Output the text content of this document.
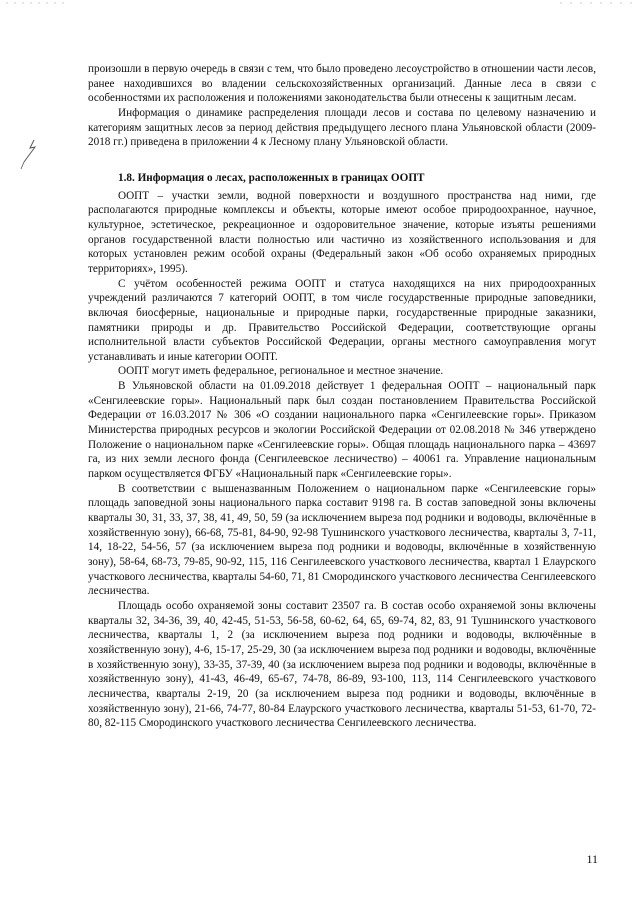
произошли в первую очередь в связи с тем, что было проведено лесоустройство в отношении части лесов, ранее находившихся во владении сельскохозяйственных организаций. Данные леса в связи с особенностями их расположения и положениями законодательства были отнесены к защитным лесам.

Информация о динамике распределения площади лесов и состава по целевому назначению и категориям защитных лесов за период действия предыдущего лесного плана Ульяновской области (2009-2018 гг.) приведена в приложении 4 к Лесному плану Ульяновской области.

1.8. Информация о лесах, расположенных в границах ООПТ

ООПТ – участки земли, водной поверхности и воздушного пространства над ними, где располагаются природные комплексы и объекты, которые имеют особое природоохранное, научное, культурное, эстетическое, рекреационное и оздоровительное значение, которые изъяты решениями органов государственной власти полностью или частично из хозяйственного использования и для которых установлен режим особой охраны (Федеральный закон «Об особо охраняемых природных территориях», 1995).

С учётом особенностей режима ООПТ и статуса находящихся на них природоохранных учреждений различаются 7 категорий ООПТ, в том числе государственные природные заповедники, включая биосферные, национальные и природные парки, государственные природные заказники, памятники природы и др. Правительство Российской Федерации, соответствующие органы исполнительной власти субъектов Российской Федерации, органы местного самоуправления могут устанавливать и иные категории ООПТ.

ООПТ могут иметь федеральное, региональное и местное значение.

В Ульяновской области на 01.09.2018 действует 1 федеральная ООПТ – национальный парк «Сенгилеевские горы». Национальный парк был создан постановлением Правительства Российской Федерации от 16.03.2017 № 306 «О создании национального парка «Сенгилеевские горы». Приказом Министерства природных ресурсов и экологии Российской Федерации от 02.08.2018 № 346 утверждено Положение о национальном парке «Сенгилеевские горы». Общая площадь национального парка – 43697 га, из них земли лесного фонда (Сенгилеевское лесничество) – 40061 га. Управление национальным парком осуществляется ФГБУ «Национальный парк «Сенгилеевские горы».

В соответствии с вышеназванным Положением о национальном парке «Сенгилеевские горы» площадь заповедной зоны национального парка составит 9198 га. В состав заповедной зоны включены кварталы 30, 31, 33, 37, 38, 41, 49, 50, 59 (за исключением выреза под родники и водоводы, включённые в хозяйственную зону), 66-68, 75-81, 84-90, 92-98 Тушнинского участкового лесничества, кварталы 3, 7-11, 14, 18-22, 54-56, 57 (за исключением выреза под родники и водоводы, включённые в хозяйственную зону), 58-64, 68-73, 79-85, 90-92, 115, 116 Сенгилеевского участкового лесничества, квартал 1 Елаурского участкового лесничества, кварталы 54-60, 71, 81 Смородинского участкового лесничества Сенгилеевского лесничества.

Площадь особо охраняемой зоны составит 23507 га. В состав особо охраняемой зоны включены кварталы 32, 34-36, 39, 40, 42-45, 51-53, 56-58, 60-62, 64, 65, 69-74, 82, 83, 91 Тушнинского участкового лесничества, кварталы 1, 2 (за исключением выреза под родники и водоводы, включённые в хозяйственную зону), 4-6, 15-17, 25-29, 30 (за исключением выреза под родники и водоводы, включённые в хозяйственную зону), 33-35, 37-39, 40 (за исключением выреза под родники и водоводы, включённые в хозяйственную зону), 41-43, 46-49, 65-67, 74-78, 86-89, 93-100, 113, 114 Сенгилеевского участкового лесничества, кварталы 2-19, 20 (за исключением выреза под родники и водоводы, включённые в хозяйственную зону), 21-66, 74-77, 80-84 Елаурского участкового лесничества, кварталы 51-53, 61-70, 72-80, 82-115 Смородинского участкового лесничества Сенгилеевского лесничества.

11
